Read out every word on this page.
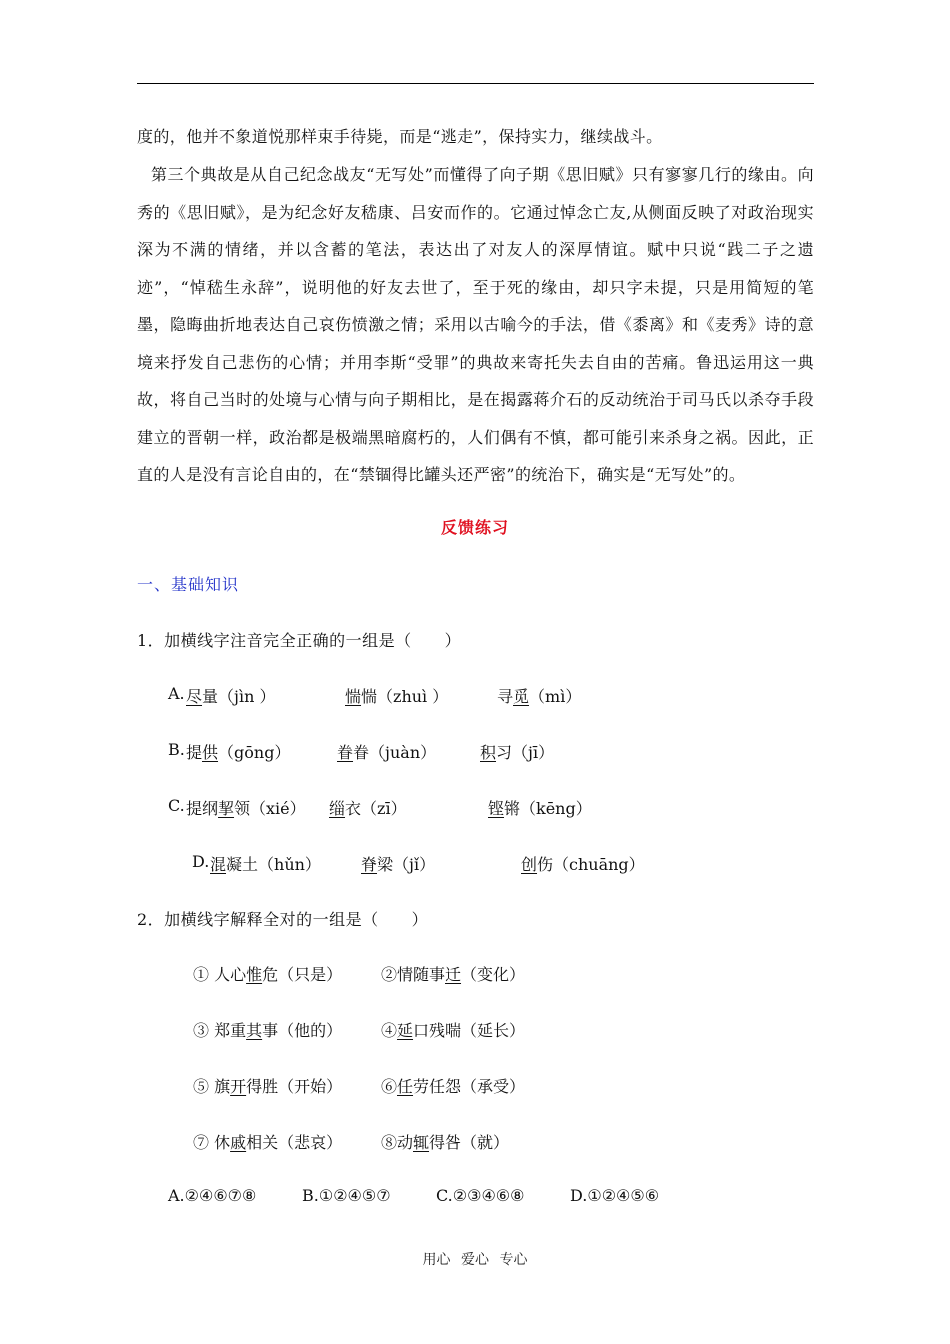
度的，他并不象道悦那样束手待毙，而是“逃走”，保持实力，继续战斗。

第三个典故是从自己纪念战友“无写处”而懂得了向子期《思旧赋》只有寥寥几行的缘由。向秀的《思旧赋》，是为纪念好友嵇康、吕安而作的。它通过悼念亡友,从侧面反映了对政治现实深为不满的情绪，并以含蓄的笔法，表达出了对友人的深厚情谊。赋中只说“践二子之遗迹”，“悼嵇生永辞”，说明他的好友去世了，至于死的缘由，却只字未提，只是用简短的笔墨，隐晦曲折地表达自己哀伤愤激之情；采用以古喻今的手法，借《黍离》和《麦秀》诗的意境来抒发自己悲伤的心情；并用李斯“受罪”的典故来寄托失去自由的苦痛。鲁迅运用这一典故，将自己当时的处境与心情与向子期相比，是在揭露蒋介石的反动统治于司马氏以杀夺手段建立的晋朝一样，政治都是极端黑暗腐朽的，人们偶有不慎，都可能引来杀身之祸。因此，正直的人是没有言论自由的，在“禁锢得比罐头还严密”的统治下，确实是“无写处”的。

反馈练习
一、基础知识
1．加横线字注音完全正确的一组是（　　）
A. 尽量（jìn ）	惴惴（zhuì ）	寻觅（mì）
B. 提供（gōng）	眷眷（juàn）	积习（jī）
C. 提纲挈领（xié） 缁衣（zī）	铿锵（kēng）
D. 混凝土（hǔn）	脊梁（jǐ）	创伤（chuāng）
2．加横线字解释全对的一组是（　　）
① 人心惟危（只是） ②情随事迁（变化）
③ 郑重其事（他的） ④延口残喘（延长）
⑤ 旗开得胜（开始） ⑥任劳任怨（承受）
⑦ 休戚相关（悲哀） ⑧动辄得咎（就）
A.②④⑥⑦⑧	B.①②④⑤⑦	C.②③④⑥⑧	D.①②④⑤⑥
用心 爱心 专心
